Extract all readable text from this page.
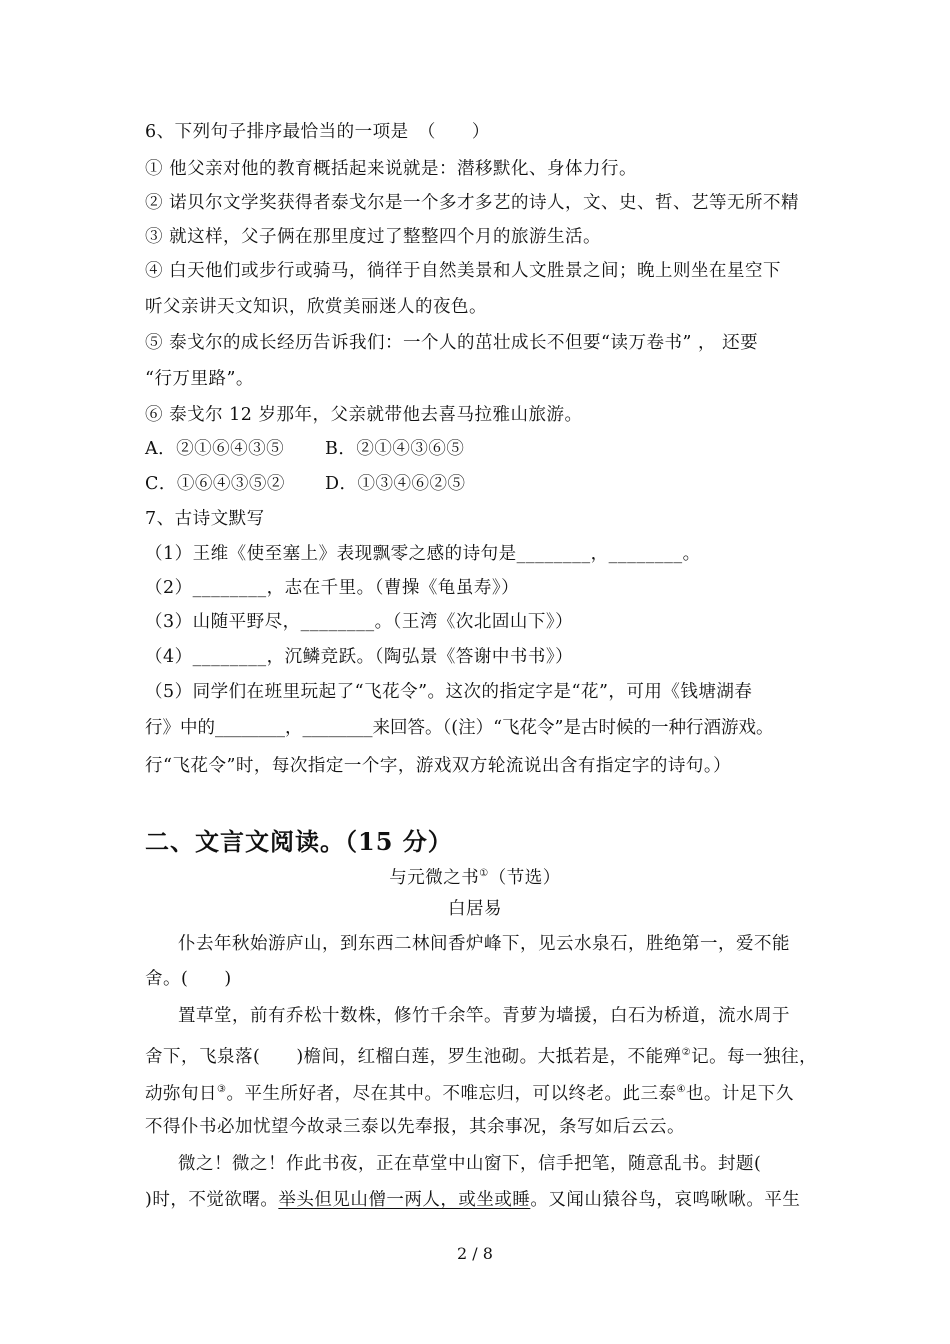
6、下列句子排序最恰当的一项是　（　　）
① 他父亲对他的教育概括起来说就是：潜移默化、身体力行。
② 诺贝尔文学奖获得者泰戈尔是一个多才多艺的诗人，文、史、哲、艺等无所不精
③ 就这样，父子俩在那里度过了整整四个月的旅游生活。
④ 白天他们或步行或骑马，徜徉于自然美景和人文胜景之间；晚上则坐在星空下
听父亲讲天文知识，欣赏美丽迷人的夜色。
⑤ 泰戈尔的成长经历告诉我们：一个人的茁壮成长不但要“读万卷书” ， 还要
“行万里路”。
⑥ 泰戈尔 12 岁那年，父亲就带他去喜马拉雅山旅游。
A．②①⑥④③⑤ B．②①④③⑥⑤
C．①⑥④③⑤② D．①③④⑥②⑤
7、古诗文默写
（1）王维《使至塞上》表现飘零之感的诗句是________，________。
（2）________，志在千里。（曹操《龟虽寿》）
（3）山随平野尽，________。（王湾《次北固山下》）
（4）________，沉鳞竞跃。（陶弘景《答谢中书书》）
（5）同学们在班里玩起了“飞花令”。这次的指定字是“花”，可用《钱塘湖春
行》中的________，________来回答。（(注）“飞花令”是古时候的一种行酒游戏。
行“飞花令”时，每次指定一个字，游戏双方轮流说出含有指定字的诗句。）
二、文言文阅读。（15 分）
与元微之书①（节选）
白居易
仆去年秋始游庐山，到东西二林间香炉峰下，见云水泉石，胜绝第一，爱不能
舍。(　　)
置草堂，前有乔松十数株，修竹千余竿。青萝为墙援，白石为桥道，流水周于
舍下，飞泉落(　　)檐间，红榴白莲，罗生池砌。大抵若是，不能殚②记。每一独往，
动弥旬日③。平生所好者，尽在其中。不唯忘归，可以终老。此三泰④也。计足下久
不得仆书必加忧望今故录三泰以先奉报，其余事况，条写如后云云。
微之！微之！作此书夜，正在草堂中山窗下，信手把笔，随意乱书。封题(
)时，不觉欲曙。举头但见山僧一两人，或坐或睡。又闻山猿谷鸟，哀鸣啾啾。平生
2 / 8
